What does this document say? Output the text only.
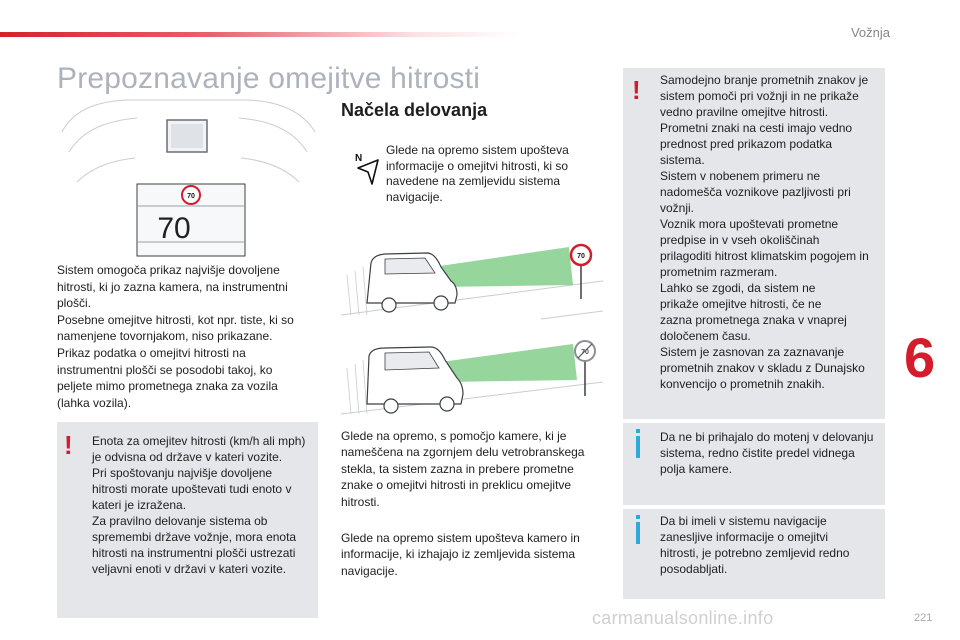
Vožnja
Prepoznavanje omejitve hitrosti
70
70

Sistem omogoča prikaz najvišje dovoljene

hitrosti, ki jo zazna kamera, na instrumentni

plošči.

Posebne omejitve hitrosti, kot npr. tiste, ki so

namenjene tovornjakom, niso prikazane.

Prikaz podatka o omejitvi hitrosti na

instrumentni plošči se posodobi takoj, ko

peljete mimo prometnega znaka za vozila

(lahka vozila).

! Enota za omejitev hitrosti (km/h ali mph)

je odvisna od države v kateri vozite.

Pri spoštovanju najvišje dovoljene

hitrosti morate upoštevati tudi enoto v

kateri je izražena.

Za pravilno delovanje sistema ob

spremembi države vožnje, mora enota

hitrosti na instrumentni plošči ustrezati

veljavni enoti v državi v kateri vozite.

Načela delovanja
N

Glede na opremo sistem upošteva

informacije o omejitvi hitrosti, ki so

navedene na zemljevidu sistema

navigacije.

70
70

Glede na opremo, s pomočjo kamere, ki je

nameščena na zgornjem delu vetrobranskega

stekla, ta sistem zazna in prebere prometne

znake o omejitvi hitrosti in preklicu omejitve

hitrosti.

Glede na opremo sistem upošteva kamero in

informacije, ki izhajajo iz zemljevida sistema

navigacije.

! Samodejno branje prometnih znakov je

sistem pomoči pri vožnji in ne prikaže

vedno pravilne omejitve hitrosti.

Prometni znaki na cesti imajo vedno

prednost pred prikazom podatka

sistema.

Sistem v nobenem primeru ne

nadomešča voznikove pazljivosti pri

vožnji.

Voznik mora upoštevati prometne

predpise in v vseh okoliščinah

prilagoditi hitrost klimatskim pogojem in

prometnim razmeram.

Lahko se zgodi, da sistem ne

prikaže omejitve hitrosti, če ne

zazna prometnega znaka v vnaprej

določenem času.

Sistem je zasnovan za zaznavanje

prometnih znakov v skladu z Dunajsko

konvencijo o prometnih znakih.

Da ne bi prihajalo do motenj v delovanju

sistema, redno čistite predel vidnega

polja kamere.

Da bi imeli v sistemu navigacije

zanesljive informacije o omejitvi

hitrosti, je potrebno zemljevid redno

posodabljati.

6
221
carmanualsonline.info
